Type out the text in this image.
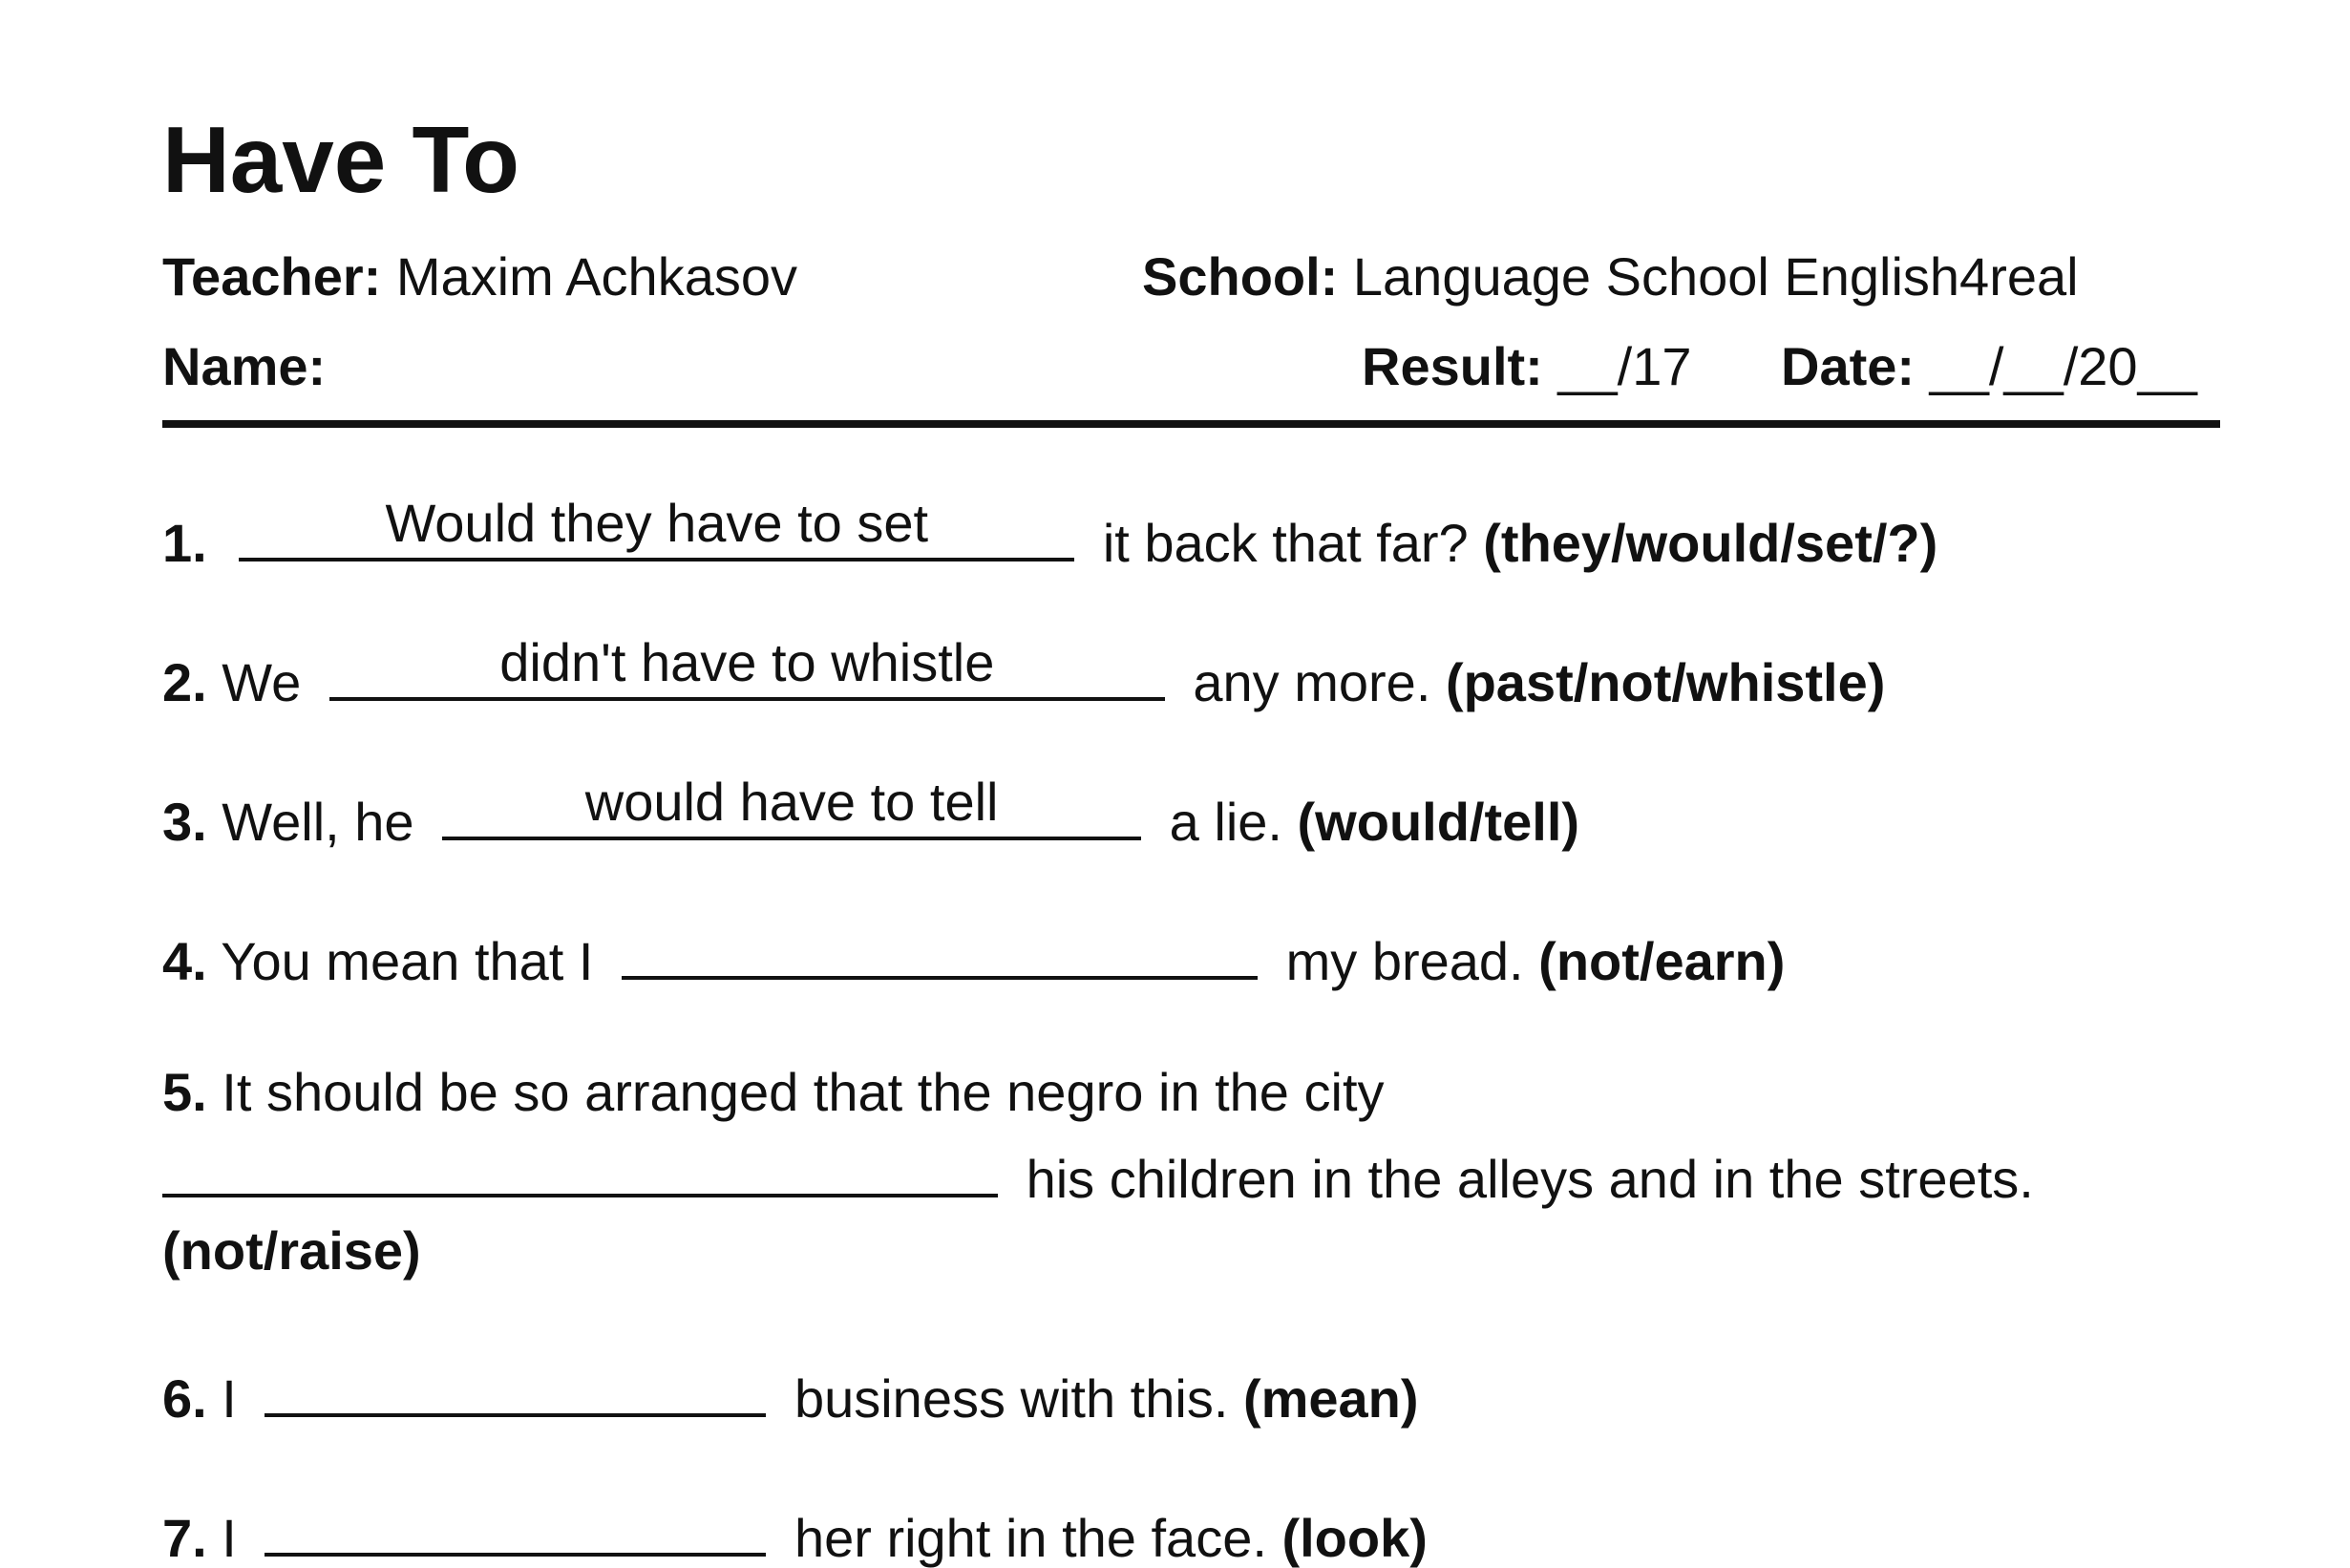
Have To
Teacher: Maxim Achkasov	School: Language School English4real
Name:	Result: __/17 Date: __/__/20__
1.	Would they have to set	it back that far? (they/would/set/?)
2. We	didn't have to whistle	any more. (past/not/whistle)
3. Well, he	would have to tell	a lie. (would/tell)
4. You mean that I	my bread. (not/earn)
5. It should be so arranged that the negro in the city
his children in the alleys and in the streets.
(not/raise)
6. I	business with this. (mean)
7. I	her right in the face. (look)
